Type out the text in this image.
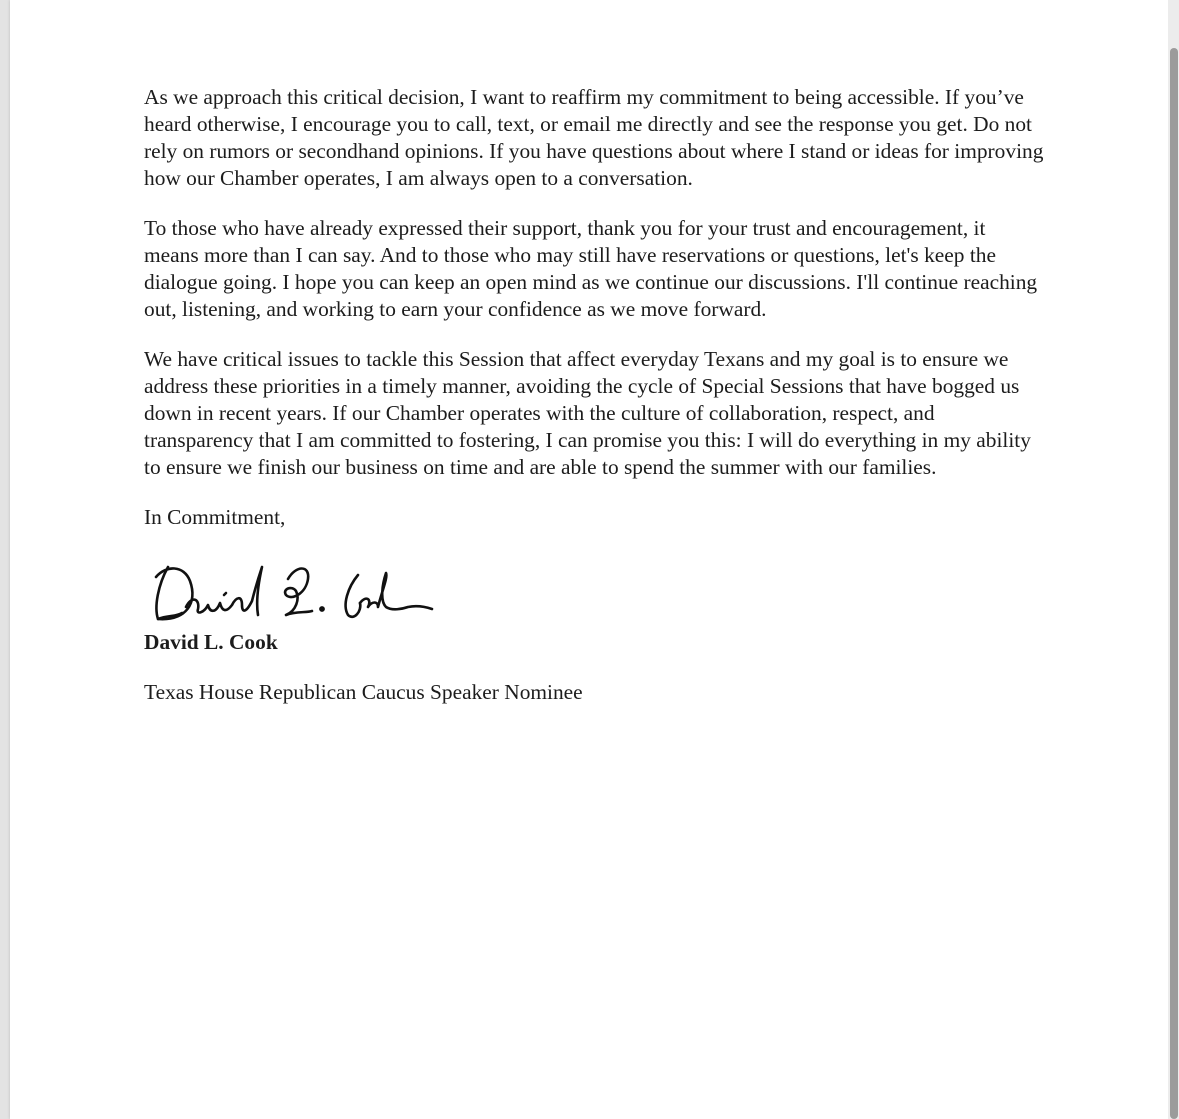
As we approach this critical decision, I want to reaffirm my commitment to being accessible. If you’ve heard otherwise, I encourage you to call, text, or email me directly and see the response you get. Do not rely on rumors or secondhand opinions. If you have questions about where I stand or ideas for improving how our Chamber operates, I am always open to a conversation.

To those who have already expressed their support, thank you for your trust and encouragement, it means more than I can say. And to those who may still have reservations or questions, let's keep the dialogue going. I hope you can keep an open mind as we continue our discussions. I'll continue reaching out, listening, and working to earn your confidence as we move forward.

We have critical issues to tackle this Session that affect everyday Texans and my goal is to ensure we address these priorities in a timely manner, avoiding the cycle of Special Sessions that have bogged us down in recent years. If our Chamber operates with the culture of collaboration, respect, and transparency that I am committed to fostering, I can promise you this: I will do everything in my ability to ensure we finish our business on time and are able to spend the summer with our families.

In Commitment,

David L. Cook

Texas House Republican Caucus Speaker Nominee
